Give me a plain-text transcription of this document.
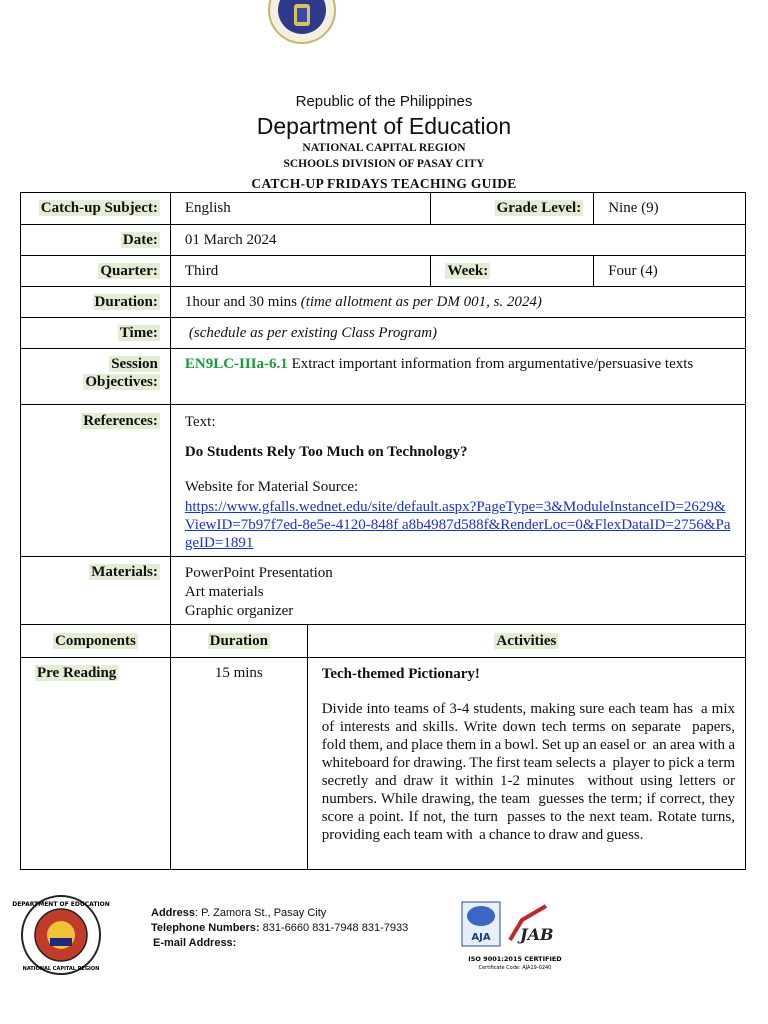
Republic of the Philippines
Department of Education
NATIONAL CAPITAL REGION
SCHOOLS DIVISION OF PASAY CITY
CATCH-UP FRIDAYS TEACHING GUIDE
Catch-up Subject:	English	Grade Level:	Nine (9)
Date:	01 March 2024		
Quarter:	Third	Week:	Four (4)
Duration:	1hour and 30 mins (time allotment as per DM 001, s. 2024)		
Time:	(schedule as per existing Class Program)		
Session
Objectives:	EN9LC-IIIa-6.1 Extract important information from argumentative/persuasive texts		
References:	Text:
Do Students Rely Too Much on Technology?
Website for Material Source:
https://www.gfalls.wednet.edu/site/default.aspx?PageType=3&ModuleInstanceID=2629&ViewID=7b97f7ed-8e5e-4120-848f a8b4987d588f&RenderLoc=0&FlexDataID=2756&PageID=1891		

Materials:	PowerPoint Presentation
Art materials
Graphic organizer		
Components	Duration	Activities
Pre Reading	15 mins	Tech-themed Pictionary!
Divide into teams of 3-4 students, making sure each team has  a mix of interests and skills. Write down tech terms on separate  papers, fold them, and place them in a bowl. Set up an easel or  an area with a whiteboard for drawing. The first team selects a  player to pick a term secretly and draw it within 1-2 minutes  without using letters or numbers. While drawing, the team  guesses the term; if correct, they score a point. If not, the turn  passes to the next team. Rotate turns, providing each team with  a chance to draw and guess.
DEPARTMENT OF EDUCATION
NATIONAL CAPITAL REGION
Address: P. Zamora St., Pasay City
Telephone Numbers: 831-6660 831-7948 831-7933
E-mail Address:	AJA JAB
ISO 9001:2015 CERTIFIED
Certificate Code: AJA19-0240
